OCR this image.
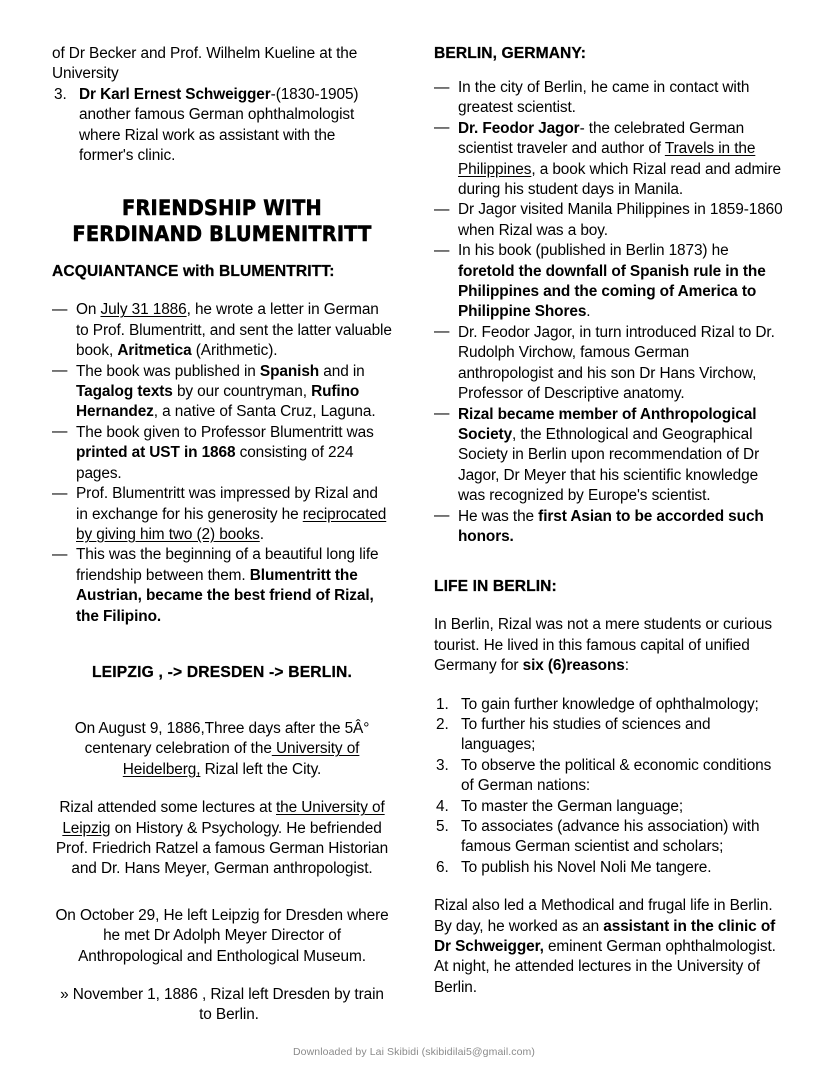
of Dr Becker and Prof. Wilhelm Kueline at the University
3. Dr Karl Ernest Schweigger-(1830-1905) another famous German ophthalmologist where Rizal work as assistant with the former's clinic.
FRIENDSHIP WITH
FERDINAND BLUMENITRITT
ACQUIANTANCE with BLUMENTRITT:
— On July 31 1886, he wrote a letter in German to Prof. Blumentritt, and sent the latter valuable book, Aritmetica (Arithmetic).
— The book was published in Spanish and in Tagalog texts by our countryman, Rufino Hernandez, a native of Santa Cruz, Laguna.
— The book given to Professor Blumentritt was printed at UST in 1868 consisting of 224 pages.
— Prof. Blumentritt was impressed by Rizal and in exchange for his generosity he reciprocated by giving him two (2) books.
— This was the beginning of a beautiful long life friendship between them. Blumentritt the Austrian, became the best friend of Rizal, the Filipino.
LEIPZIG , -> DRESDEN -> BERLIN.
On August 9, 1886,Three days after the 5Â° centenary celebration of the University of Heidelberg, Rizal left the City.
Rizal attended some lectures at the University of Leipzig on History & Psychology. He befriended Prof. Friedrich Ratzel a famous German Historian and Dr. Hans Meyer, German anthropologist.
On October 29, He left Leipzig for Dresden where he met Dr Adolph Meyer Director of Anthropological and Enthological Museum.
» November 1, 1886 , Rizal left Dresden by train to Berlin.
BERLIN, GERMANY:
— In the city of Berlin, he came in contact with greatest scientist.
— Dr. Feodor Jagor- the celebrated German scientist traveler and author of Travels in the Philippines, a book which Rizal read and admire during his student days in Manila.
— Dr Jagor visited Manila Philippines in 1859-1860 when Rizal was a boy.
— In his book (published in Berlin 1873) he foretold the downfall of Spanish rule in the Philippines and the coming of America to Philippine Shores.
— Dr. Feodor Jagor, in turn introduced Rizal to Dr. Rudolph Virchow, famous German anthropologist and his son Dr Hans Virchow, Professor of Descriptive anatomy.
— Rizal became member of Anthropological Society, the Ethnological and Geographical Society in Berlin upon recommendation of Dr Jagor, Dr Meyer that his scientific knowledge was recognized by Europe's scientist.
— He was the first Asian to be accorded such honors.
LIFE IN BERLIN:
In Berlin, Rizal was not a mere students or curious tourist. He lived in this famous capital of unified Germany for six (6)reasons:
1. To gain further knowledge of ophthalmology;
2. To further his studies of sciences and languages;
3. To observe the political & economic conditions of German nations:
4. To master the German language;
5. To associates (advance his association) with famous German scientist and scholars;
6. To publish his Novel Noli Me tangere.
Rizal also led a Methodical and frugal life in Berlin. By day, he worked as an assistant in the clinic of Dr Schweigger, eminent German ophthalmologist. At night, he attended lectures in the University of Berlin.
Downloaded by Lai Skibidi (skibidilai5@gmail.com)
